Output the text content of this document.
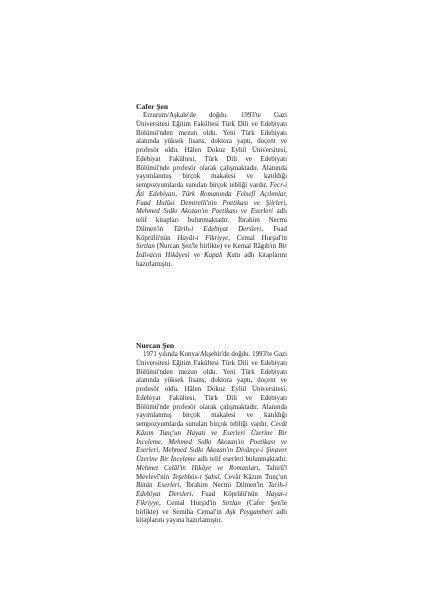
Cafer Şen

Erzurum/Aşkale'de doğdu. 1993'te Gazi Üniversitesi Eğitim Fakültesi Türk Dili ve Edebiyatı Bölümü'nden mezun oldu. Yeni Türk Edebiyatı alanında yüksek lisans, doktora yaptı, doçent ve profesör oldu. Hâlen Dokuz Eylül Üniversitesi, Edebiyat Fakültesi, Türk Dili ve Edebiyatı Bölümü'nde profesör olarak çalışmaktadır. Alanında yayımlanmış birçok makalesi ve katıldığı sempozyumlarda sunulan birçok tebliği vardır. Fecr-i Âti Edebiyatı, Türk Romanında Felsefî Açılımlar, Fuad Hulûsi Demirelli'nin Poetikası ve Şiirleri, Mehmed Sıdkı Akozan'ın Poetikası ve Eserleri adlı telif kitapları bulunmaktadır. İbrahim Necmi Dilmen'in Târih-i Edebiyat Dersleri, Fuad Köprülü'nün Hayât-ı Fikriyye, Cemal Hurşid'in Sırtlan (Nurcan Şen'le birlikte) ve Kemal Râgıb'ın Bir İzdivacın Hikâyesi ve Kapalı Kutu adlı kitaplarını hazırlamıştır.

Nurcan Şen

1971 yılında Konya/Akşehir'de doğdu. 1993'te Gazi Üniversitesi Eğitim Fakültesi Türk Dili ve Edebiyatı Bölümü'nden mezun oldu. Yeni Türk Edebiyatı alanında yüksek lisans, doktora yaptı, doçent ve profesör oldu. Hâlen Dokuz Eylül Üniversitesi, Edebiyat Fakültesi, Türk Dili ve Edebiyatı Bölümü'nde profesör olarak çalışmaktadır. Alanında yayımlanmış birçok makalesi ve katıldığı sempozyumlarda sunulan birçok tebliği vardır. Cevât Kâzım Tunç'un Hayatı ve Eserleri Üzerine Bir İnceleme, Mehmed Sıdkı Akozan'ın Poetikası ve Eserleri, Mehmed Sıdkı Akozan'ın Divânçe-i Şinaver Üzerine Bir İnceleme adlı telif eserleri bulunmaktadır. Mehmet Celâl'in Hikâye ve Romanları, Tahirü'l Mevlevî'nin Teşebbüs-i Şahsî, Cevât Kâzım Tunç'un Bütün Eserleri, İbrahim Necmi Dilmen'in Tarih-i Edebiyat Dersleri, Fuad Köprülü'nün Hayat-ı Fikriyye, Cemal Hurşid'in Sırtlan (Cafer Şen'le birlikte) ve Semiha Cemal'in Aşk Peygamberi adlı kitaplarını yayına hazırlamıştır.
